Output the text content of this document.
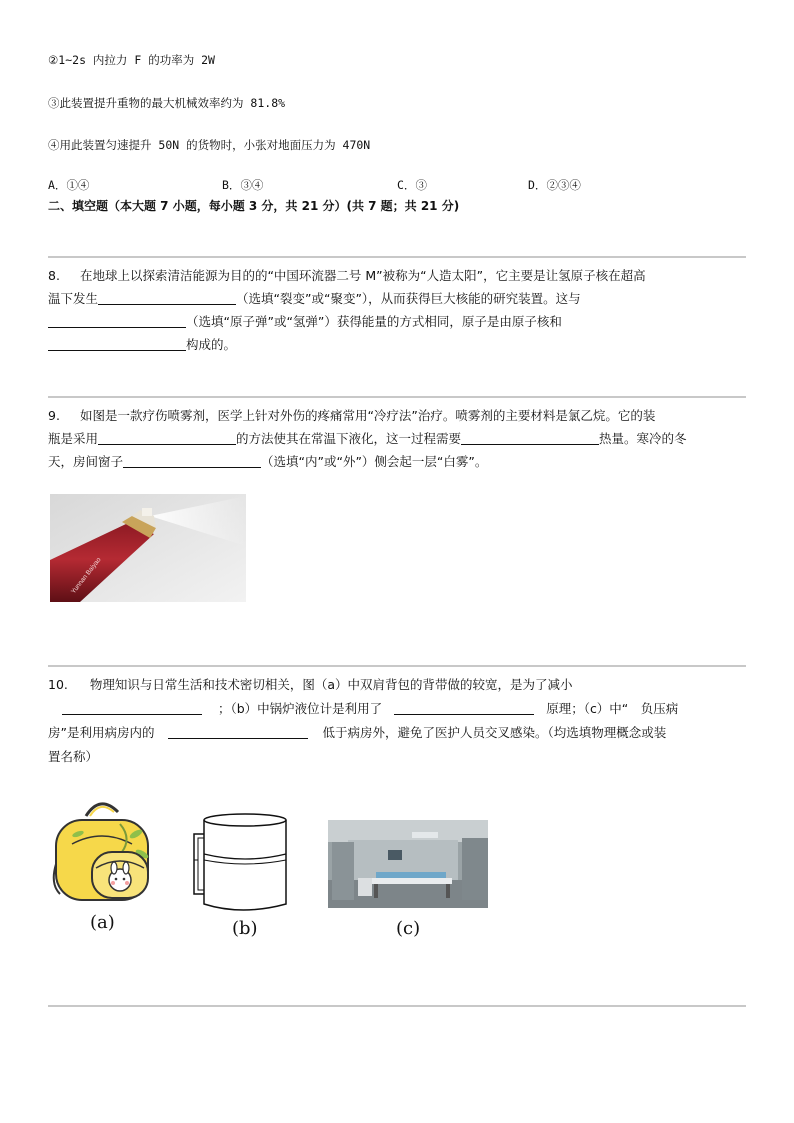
②1~2s 内拉力 F 的功率为 2W
③此装置提升重物的最大机械效率约为 81.8%
④用此装置匀速提升 50N 的货物时，小张对地面压力为 470N
A．①④	B．③④	C．③	D．②③④
二、填空题（本大题 7 小题，每小题 3 分，共 21 分）(共 7 题；共 21 分)
8. 在地球上以探索清洁能源为目的的“中国环流器二号 M”被称为“人造太阳”，它主要是让氢原子核在超高
温下发生	（选填“裂变”或“聚变”），从而获得巨大核能的研究装置。这与
（选填“原子弹”或“氢弹”）获得能量的方式相同，原子是由原子核和
构成的。
9. 如图是一款疗伤喷雾剂，医学上针对外伤的疼痛常用“冷疗法”治疗。喷雾剂的主要材料是氯乙烷。它的装
瓶是采用	的方法使其在常温下液化，这一过程需要	热量。寒冷的冬
天，房间窗子	（选填“内”或“外”）侧会起一层“白雾”。
Yunnan Baiyao
10. 物理知识与日常生活和技术密切相关，图（a）中双肩背包的背带做的较宽，是为了减小
；（b）中锅炉液位计是利用了	原理；（c）中“　负压病
房”是利用病房内的	低于病房外，避免了医护人员交叉感染。（均选填物理概念或装
置名称）
(a)	(b)	(c)
